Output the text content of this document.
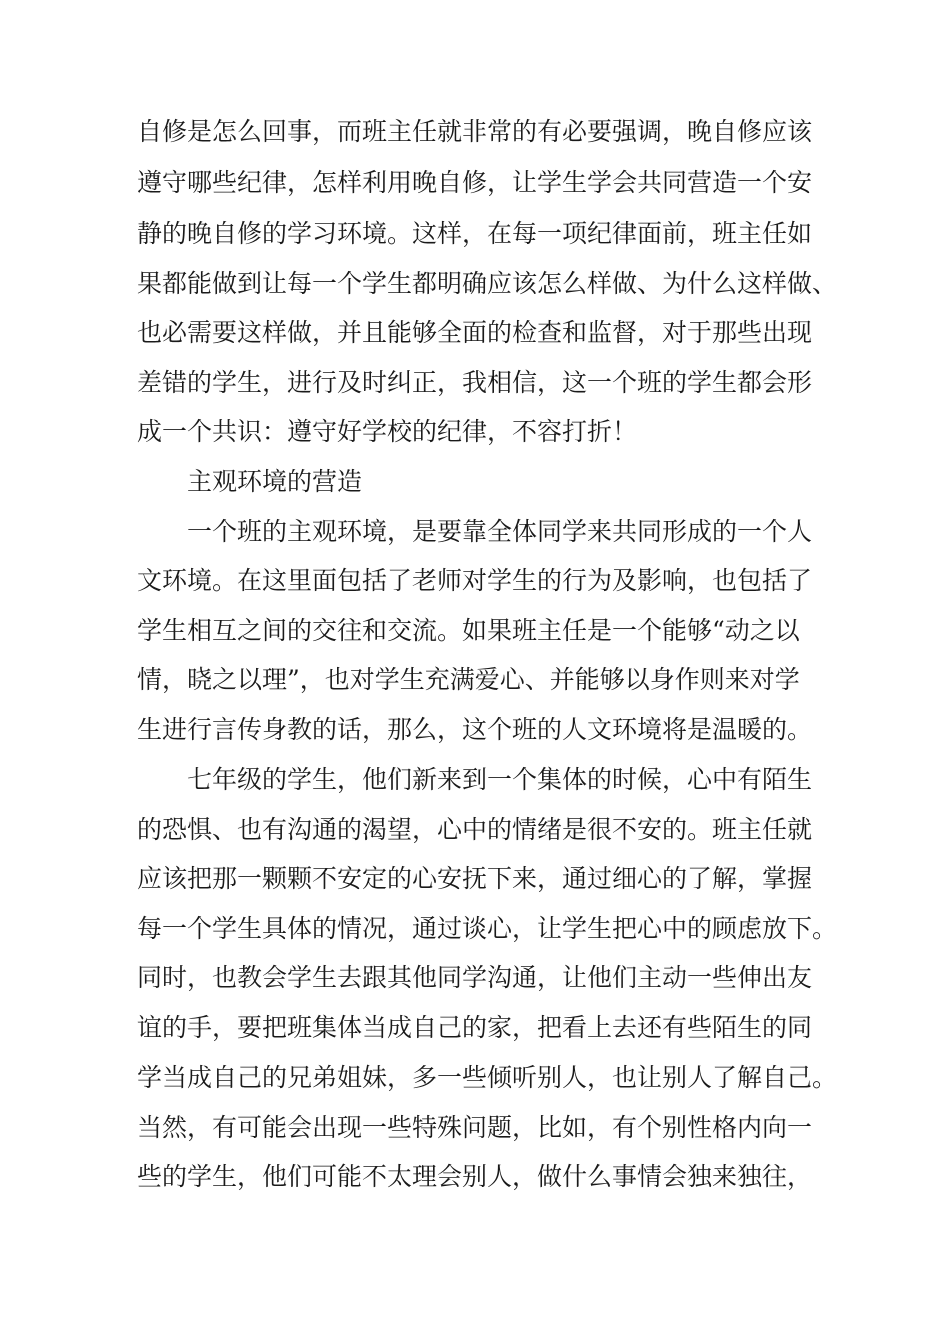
自修是怎么回事，而班主任就非常的有必要强调，晚自修应该
遵守哪些纪律，怎样利用晚自修，让学生学会共同营造一个安
静的晚自修的学习环境。这样，在每一项纪律面前，班主任如
果都能做到让每一个学生都明确应该怎么样做、为什么这样做、
也必需要这样做，并且能够全面的检查和监督，对于那些出现
差错的学生，进行及时纠正，我相信，这一个班的学生都会形
成一个共识：遵守好学校的纪律，不容打折！
主观环境的营造
一个班的主观环境，是要靠全体同学来共同形成的一个人
文环境。在这里面包括了老师对学生的行为及影响，也包括了
学生相互之间的交往和交流。如果班主任是一个能够“动之以
情，晓之以理”，也对学生充满爱心、并能够以身作则来对学
生进行言传身教的话，那么，这个班的人文环境将是温暖的。
七年级的学生，他们新来到一个集体的时候，心中有陌生
的恐惧、也有沟通的渴望，心中的情绪是很不安的。班主任就
应该把那一颗颗不安定的心安抚下来，通过细心的了解，掌握
每一个学生具体的情况，通过谈心，让学生把心中的顾虑放下。
同时，也教会学生去跟其他同学沟通，让他们主动一些伸出友
谊的手，要把班集体当成自己的家，把看上去还有些陌生的同
学当成自己的兄弟姐妹，多一些倾听别人，也让别人了解自己。
当然，有可能会出现一些特殊问题，比如，有个别性格内向一
些的学生，他们可能不太理会别人，做什么事情会独来独往，
